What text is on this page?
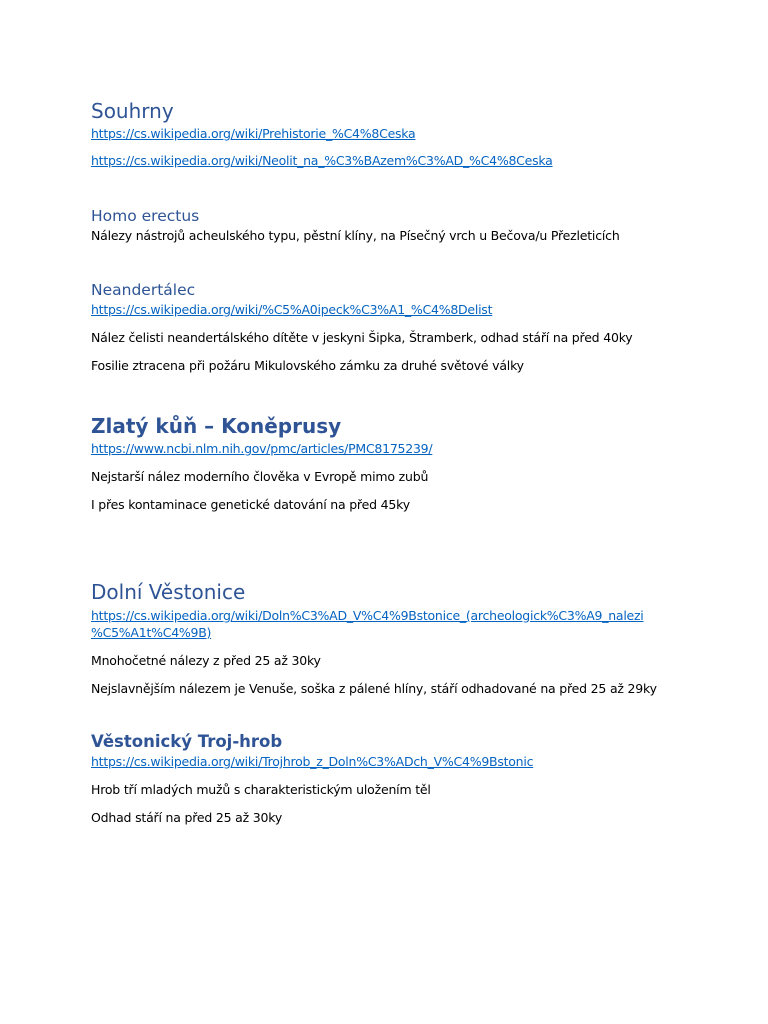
Souhrny
https://cs.wikipedia.org/wiki/Prehistorie_%C4%8Ceska
https://cs.wikipedia.org/wiki/Neolit_na_%C3%BAzem%C3%AD_%C4%8Ceska
Homo erectus
Nálezy nástrojů acheulského typu, pěstní klíny, na Písečný vrch u Bečova/u Přezleticích
Neandertálec
https://cs.wikipedia.org/wiki/%C5%A0ipeck%C3%A1_%C4%8Delist
Nález čelisti neandertálského dítěte v jeskyni Šipka, Štramberk, odhad stáří na před 40ky
Fosilie ztracena při požáru Mikulovského zámku za druhé světové války
Zlatý kůň – Koněprusy
https://www.ncbi.nlm.nih.gov/pmc/articles/PMC8175239/
Nejstarší nález moderního člověka v Evropě mimo zubů
I přes kontaminace genetické datování na před 45ky
Dolní Věstonice
https://cs.wikipedia.org/wiki/Doln%C3%AD_V%C4%9Bstonice_(archeologick%C3%A9_nalezi
%C5%A1t%C4%9B)
Mnohočetné nálezy z před 25 až 30ky
Nejslavnějším nálezem je Venuše, soška z pálené hlíny, stáří odhadované na před 25 až 29ky
Věstonický Troj-hrob
https://cs.wikipedia.org/wiki/Trojhrob_z_Doln%C3%ADch_V%C4%9Bstonic
Hrob tří mladých mužů s charakteristickým uložením těl
Odhad stáří na před 25 až 30ky
